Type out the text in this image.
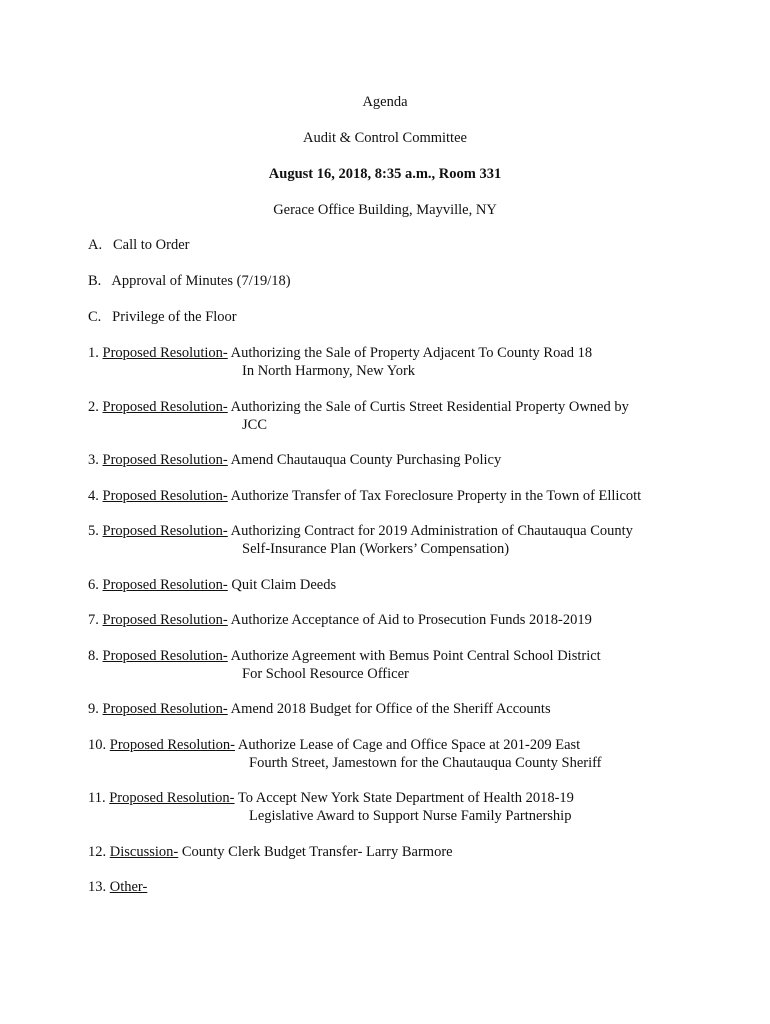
Agenda
Audit & Control Committee
August 16, 2018, 8:35 a.m., Room 331
Gerace Office Building, Mayville, NY
A. Call to Order
B. Approval of Minutes (7/19/18)
C. Privilege of the Floor
1. Proposed Resolution- Authorizing the Sale of Property Adjacent To County Road 18
In North Harmony, New York
2. Proposed Resolution- Authorizing the Sale of Curtis Street Residential Property Owned by
JCC
3. Proposed Resolution- Amend Chautauqua County Purchasing Policy
4. Proposed Resolution- Authorize Transfer of Tax Foreclosure Property in the Town of Ellicott
5. Proposed Resolution- Authorizing Contract for 2019 Administration of Chautauqua County
Self-Insurance Plan (Workers’ Compensation)
6. Proposed Resolution- Quit Claim Deeds
7. Proposed Resolution- Authorize Acceptance of Aid to Prosecution Funds 2018-2019
8. Proposed Resolution- Authorize Agreement with Bemus Point Central School District
For School Resource Officer
9. Proposed Resolution- Amend 2018 Budget for Office of the Sheriff Accounts
10. Proposed Resolution- Authorize Lease of Cage and Office Space at 201-209 East
Fourth Street, Jamestown for the Chautauqua County Sheriff
11. Proposed Resolution- To Accept New York State Department of Health 2018-19
Legislative Award to Support Nurse Family Partnership
12. Discussion- County Clerk Budget Transfer- Larry Barmore
13. Other-
